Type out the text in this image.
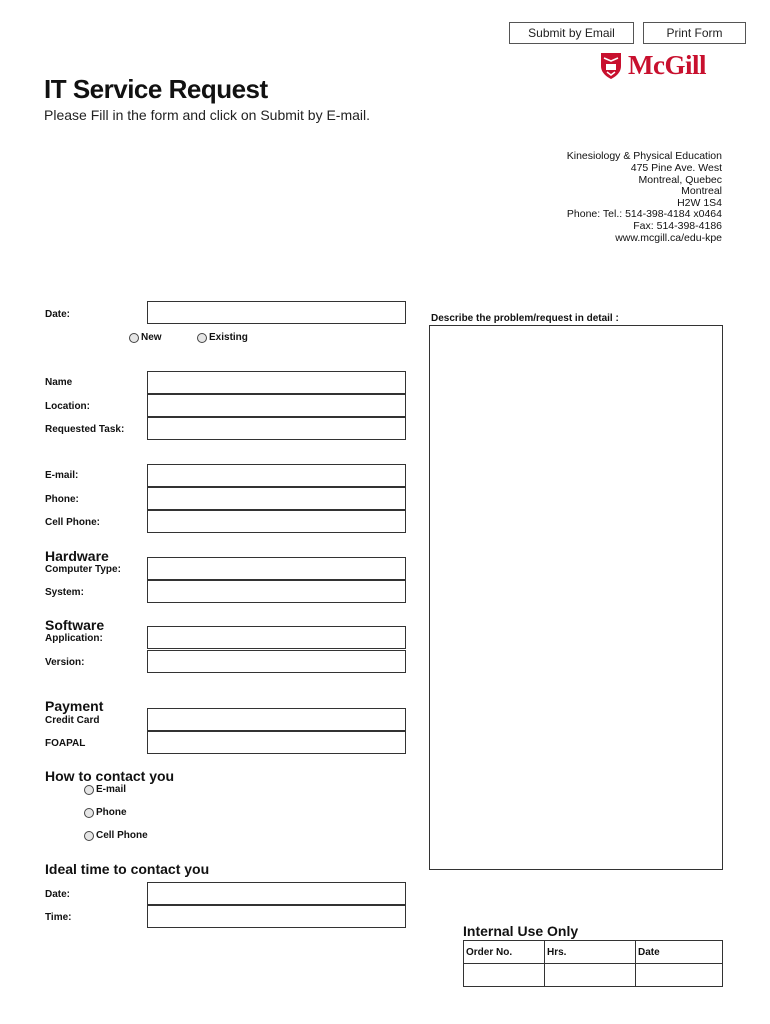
Submit by Email	Print Form
McGill
IT Service Request
Please Fill in the form and click on Submit by E-mail.
Kinesiology & Physical Education
475 Pine Ave. West
Montreal, Quebec
Montreal
H2W 1S4
Phone: Tel.: 514-398-4184 x0464
Fax: 514-398-4186
www.mcgill.ca/edu-kpe
Date:
New	Existing
Name
Location:
Requested Task:
E-mail:
Phone:
Cell Phone:
Hardware
Computer Type:
System:
Software
Application:
Version:
Payment
Credit Card
FOAPAL
How to contact you
E-mail
Phone
Cell Phone
Ideal time to contact you
Date:
Time:
Describe the problem/request in detail :
Internal Use Only
Order No.	Hrs.	Date
